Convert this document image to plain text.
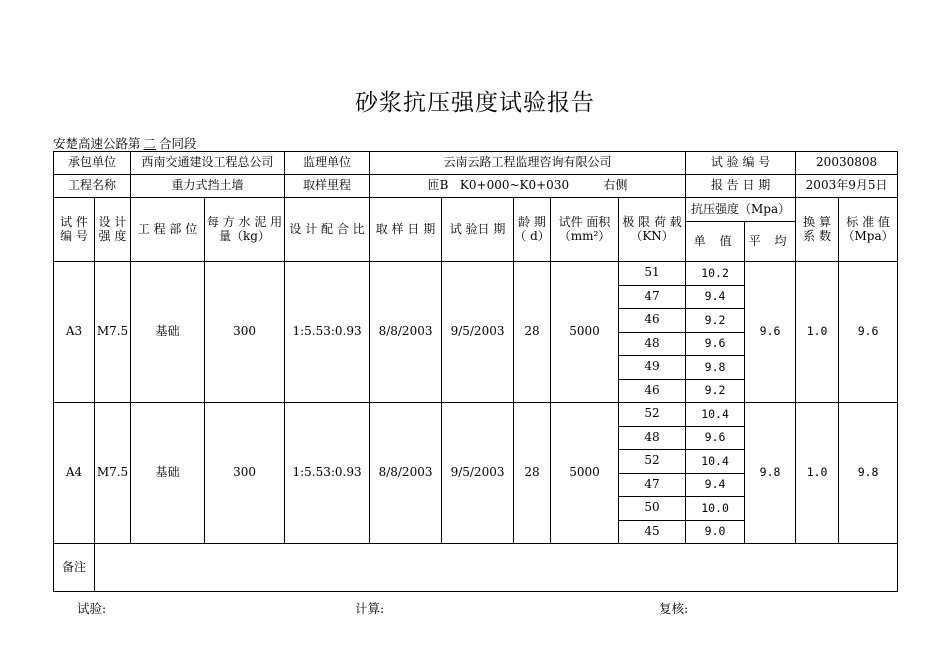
砂浆抗压强度试验报告
安楚高速公路第 二 合同段
承包单位		西南交通建设工程总公司		监理单位	云南云路工程监理咨询有限公司					试 验 编 号		20030808	
工程名称		重力式挡土墙		取样里程	匝B   K0+000~K0+030         右侧					报 告 日 期		2003年9月5日	
试 件 编 号	设 计 强 度	工 程 部 位	每 方 水 泥 用 量（kg）	设 计 配 合 比	取 样 日 期	试 验日 期	龄 期（ d）	试件 面积 （mm²）	极 限 荷 载（KN）	抗压强度（Mpa）		换 算 系 数	标 准 值 （Mpa）
										单 值	平 均		
A3	M7.5	基础	300	1:5.53:0.93	8/8/2003	9/5/2003	28	5000	51	10.2	9.6	1.0	9.6
									47	9.4			
									46	9.2			
									48	9.6			
									49	9.8			
									46	9.2			
A4	M7.5	基础	300	1:5.53:0.93	8/8/2003	9/5/2003	28	5000	52	10.4	9.8	1.0	9.8
									48	9.6			
									52	10.4			
									47	9.4			
									50	10.0			
									45	9.0			
备注													
试验:	计算:	复核:
